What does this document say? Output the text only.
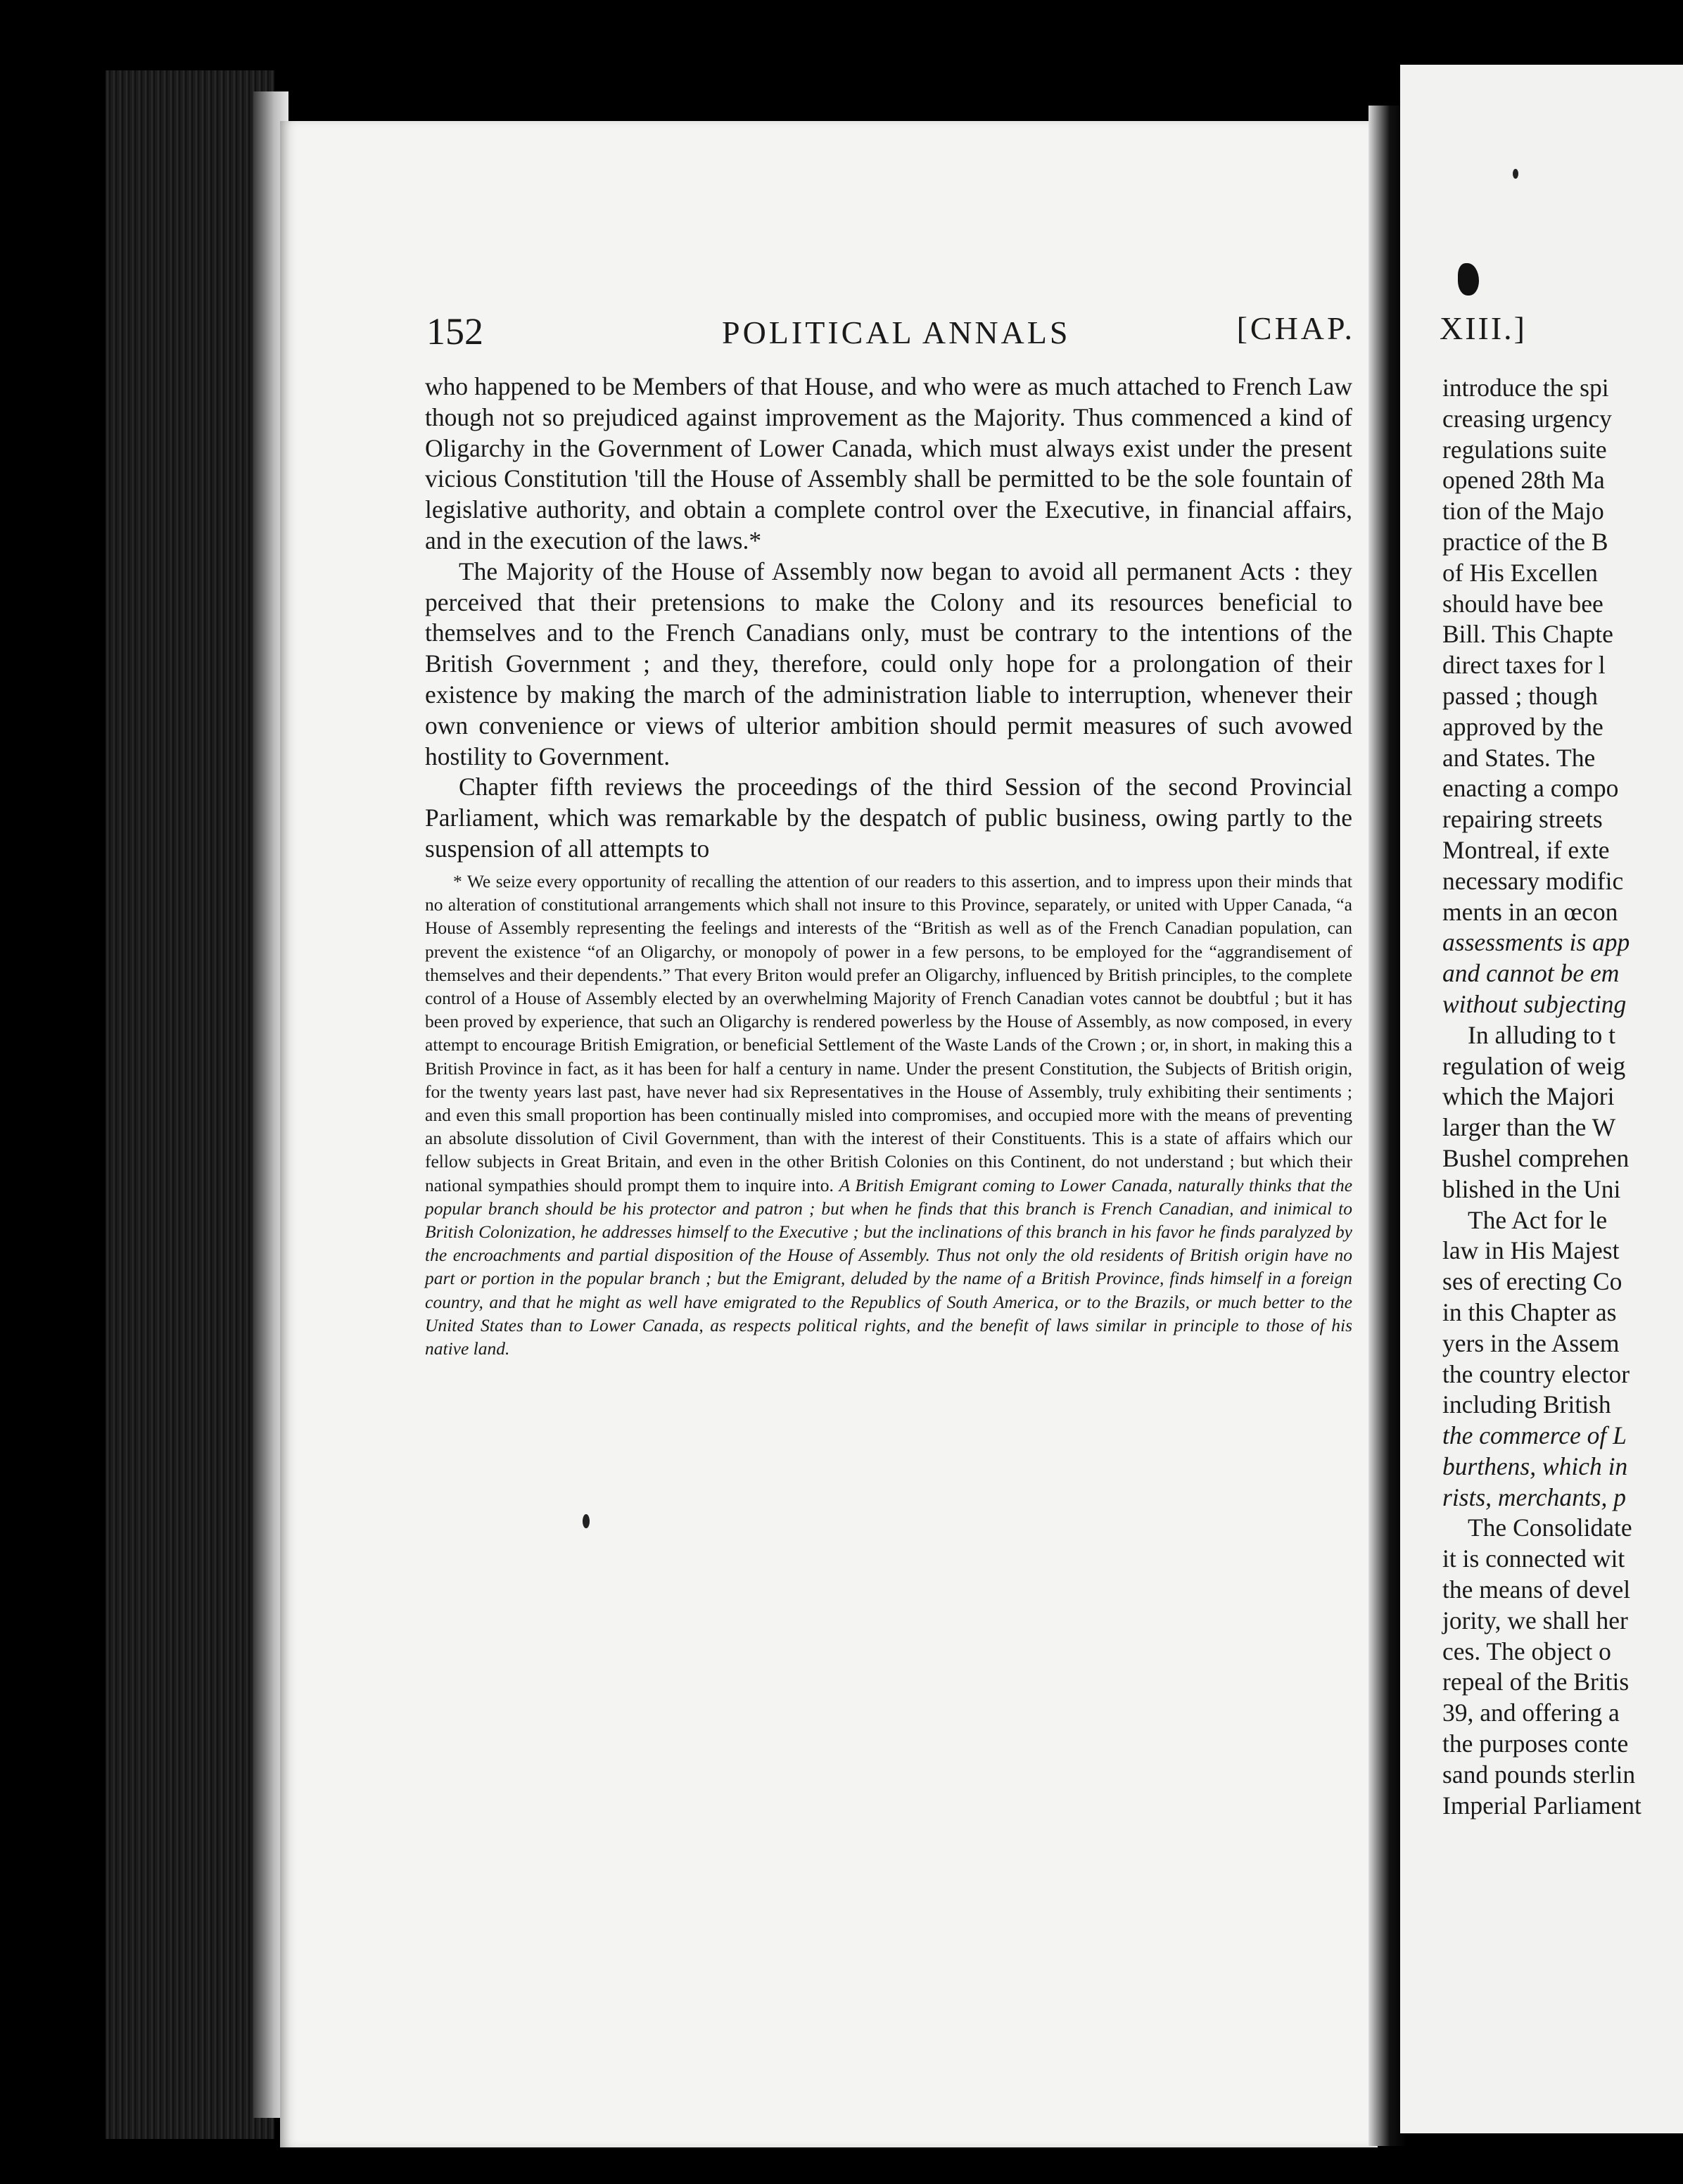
152	POLITICAL ANNALS	[CHAP.

who happened to be Members of that House, and who were as much attached to French Law though not so prejudiced against improvement as the Majority. Thus commenced a kind of Oligarchy in the Government of Lower Canada, which must always exist under the present vicious Constitution 'till the House of Assembly shall be permitted to be the sole fountain of legislative authority, and obtain a complete control over the Executive, in financial affairs, and in the execution of the laws.*

The Majority of the House of Assembly now began to avoid all permanent Acts : they perceived that their pretensions to make the Colony and its resources beneficial to themselves and to the French Canadians only, must be contrary to the intentions of the British Government ; and they, therefore, could only hope for a prolongation of their existence by making the march of the administration liable to interruption, whenever their own convenience or views of ulterior ambition should permit measures of such avowed hostility to Government.

Chapter fifth reviews the proceedings of the third Session of the second Provincial Parliament, which was remarkable by the despatch of public business, owing partly to the suspension of all attempts to

* We seize every opportunity of recalling the attention of our readers to this assertion, and to impress upon their minds that no alteration of constitutional arrangements which shall not insure to this Province, separately, or united with Upper Canada, “a House of Assembly representing the feelings and interests of the “British as well as of the French Canadian population, can prevent the existence “of an Oligarchy, or monopoly of power in a few persons, to be employed for the “aggrandisement of themselves and their dependents.” That every Briton would prefer an Oligarchy, influenced by British principles, to the complete control of a House of Assembly elected by an overwhelming Majority of French Canadian votes cannot be doubtful ; but it has been proved by experience, that such an Oligarchy is rendered powerless by the House of Assembly, as now composed, in every attempt to encourage British Emigration, or beneficial Settlement of the Waste Lands of the Crown ; or, in short, in making this a British Province in fact, as it has been for half a century in name. Under the present Constitution, the Subjects of British origin, for the twenty years last past, have never had six Representatives in the House of Assembly, truly exhibiting their sentiments ; and even this small proportion has been continually misled into compromises, and occupied more with the means of preventing an absolute dissolution of Civil Government, than with the interest of their Constituents. This is a state of affairs which our fellow subjects in Great Britain, and even in the other British Colonies on this Continent, do not understand ; but which their national sympathies should prompt them to inquire into. A British Emigrant coming to Lower Canada, naturally thinks that the popular branch should be his protector and patron ; but when he finds that this branch is French Canadian, and inimical to British Colonization, he addresses himself to the Executive ; but the inclinations of this branch in his favor he finds paralyzed by the encroachments and partial disposition of the House of Assembly. Thus not only the old residents of British origin have no part or portion in the popular branch ; but the Emigrant, deluded by the name of a British Province, finds himself in a foreign country, and that he might as well have emigrated to the Republics of South America, or to the Brazils, or much better to the United States than to Lower Canada, as respects political rights, and the benefit of laws similar in principle to those of his native land.
XIII.]
introduce the spi
creasing urgency
regulations suite
opened 28th Ma
tion of the Majo
practice of the B
of His Excellen
should have bee
Bill. This Chapte
direct taxes for l
passed ; though
approved by the
and States. The
enacting a compo
repairing streets
Montreal, if exte
necessary modific
ments in an œcon
assessments is app
and cannot be em
without subjecting
In alluding to t
regulation of weig
which the Majori
larger than the W
Bushel comprehen
blished in the Uni
The Act for le
law in His Majest
ses of erecting Co
in this Chapter as
yers in the Assem
the country elector
including British
the commerce of L
burthens, which in
rists, merchants, p
The Consolidate
it is connected wit
the means of devel
jority, we shall her
ces. The object o
repeal of the Britis
39, and offering a
the purposes conte
sand pounds sterlin
Imperial Parliament
